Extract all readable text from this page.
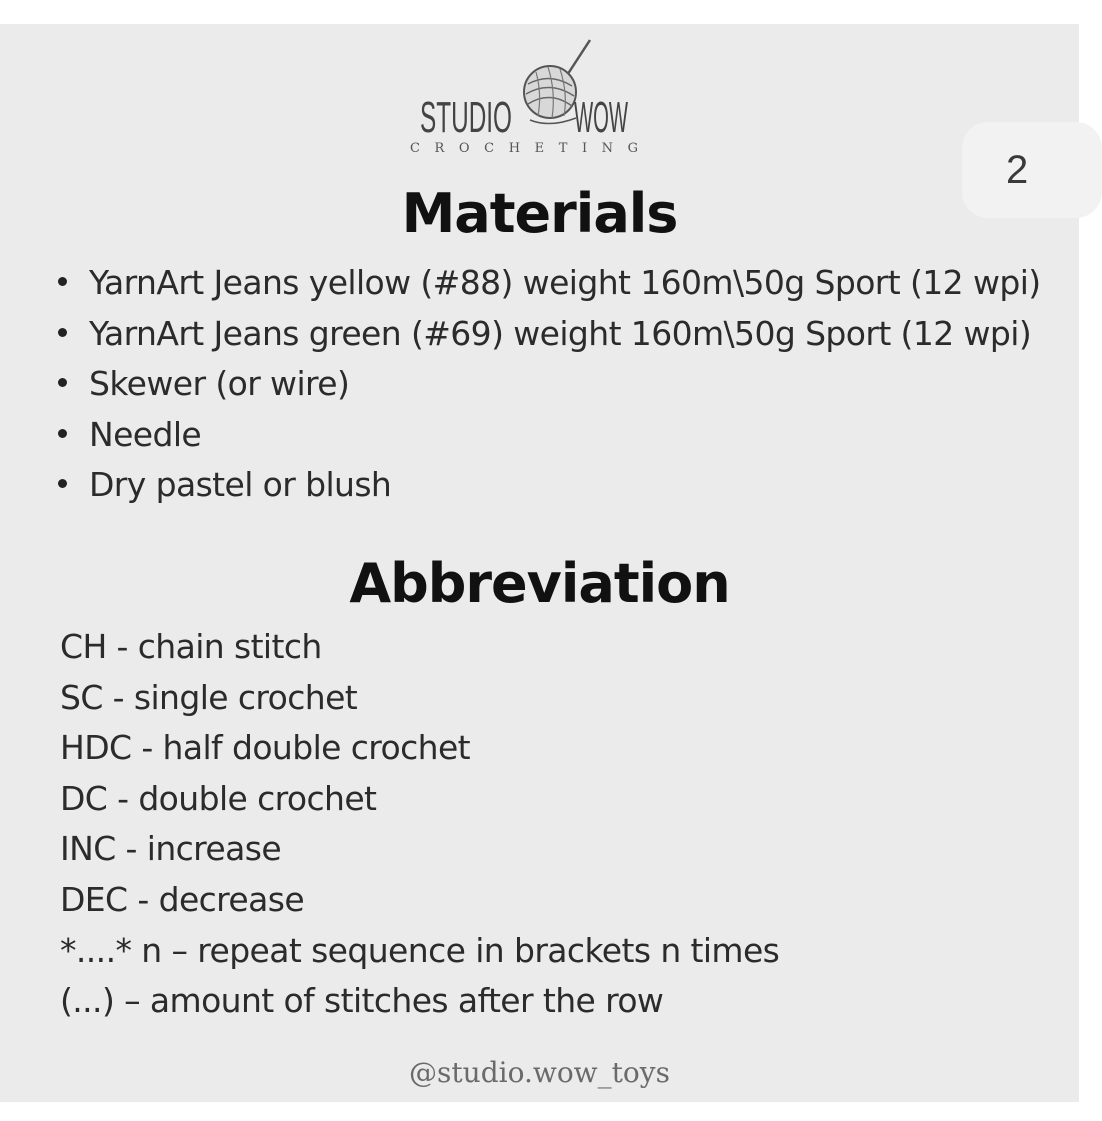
2
STUDIO WOW
CROCHETING
Materials
YarnArt Jeans yellow (#88) weight 160m\50g Sport (12 wpi)
YarnArt Jeans green (#69) weight 160m\50g Sport (12 wpi)
Skewer (or wire)
Needle
Dry pastel or blush
Abbreviation
CH - chain stitch
SC - single crochet
HDC - half double crochet
DC - double crochet
INC - increase
DEC - decrease
*....* n – repeat sequence in brackets n times
(...) – amount of stitches after the row
@studio.wow_toys
